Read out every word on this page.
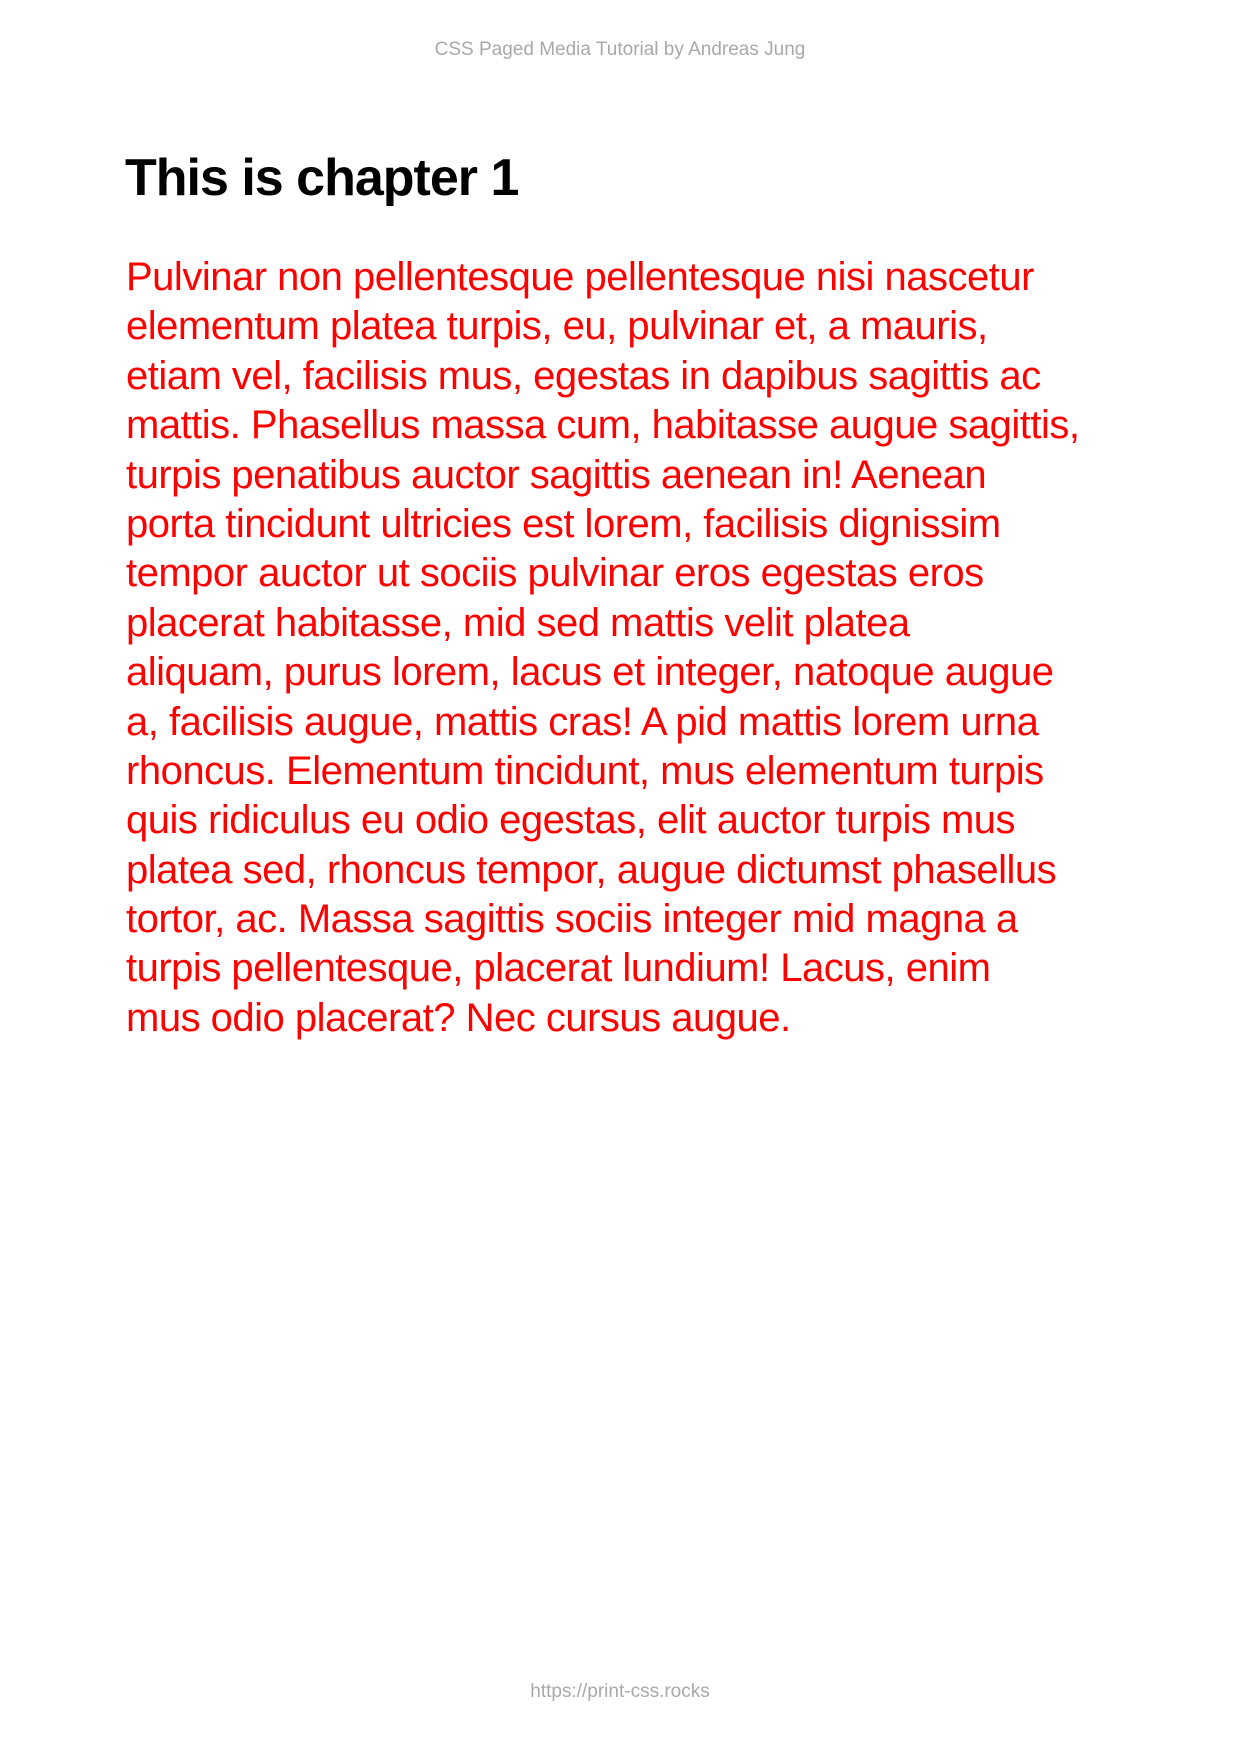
CSS Paged Media Tutorial by Andreas Jung
This is chapter 1
Pulvinar non pellentesque pellentesque nisi nascetur
elementum platea turpis, eu, pulvinar et, a mauris,
etiam vel, facilisis mus, egestas in dapibus sagittis ac
mattis. Phasellus massa cum, habitasse augue sagittis,
turpis penatibus auctor sagittis aenean in! Aenean
porta tincidunt ultricies est lorem, facilisis dignissim
tempor auctor ut sociis pulvinar eros egestas eros
placerat habitasse, mid sed mattis velit platea
aliquam, purus lorem, lacus et integer, natoque augue
a, facilisis augue, mattis cras! A pid mattis lorem urna
rhoncus. Elementum tincidunt, mus elementum turpis
quis ridiculus eu odio egestas, elit auctor turpis mus
platea sed, rhoncus tempor, augue dictumst phasellus
tortor, ac. Massa sagittis sociis integer mid magna a
turpis pellentesque, placerat lundium! Lacus, enim
mus odio placerat? Nec cursus augue.
https://print-css.rocks
